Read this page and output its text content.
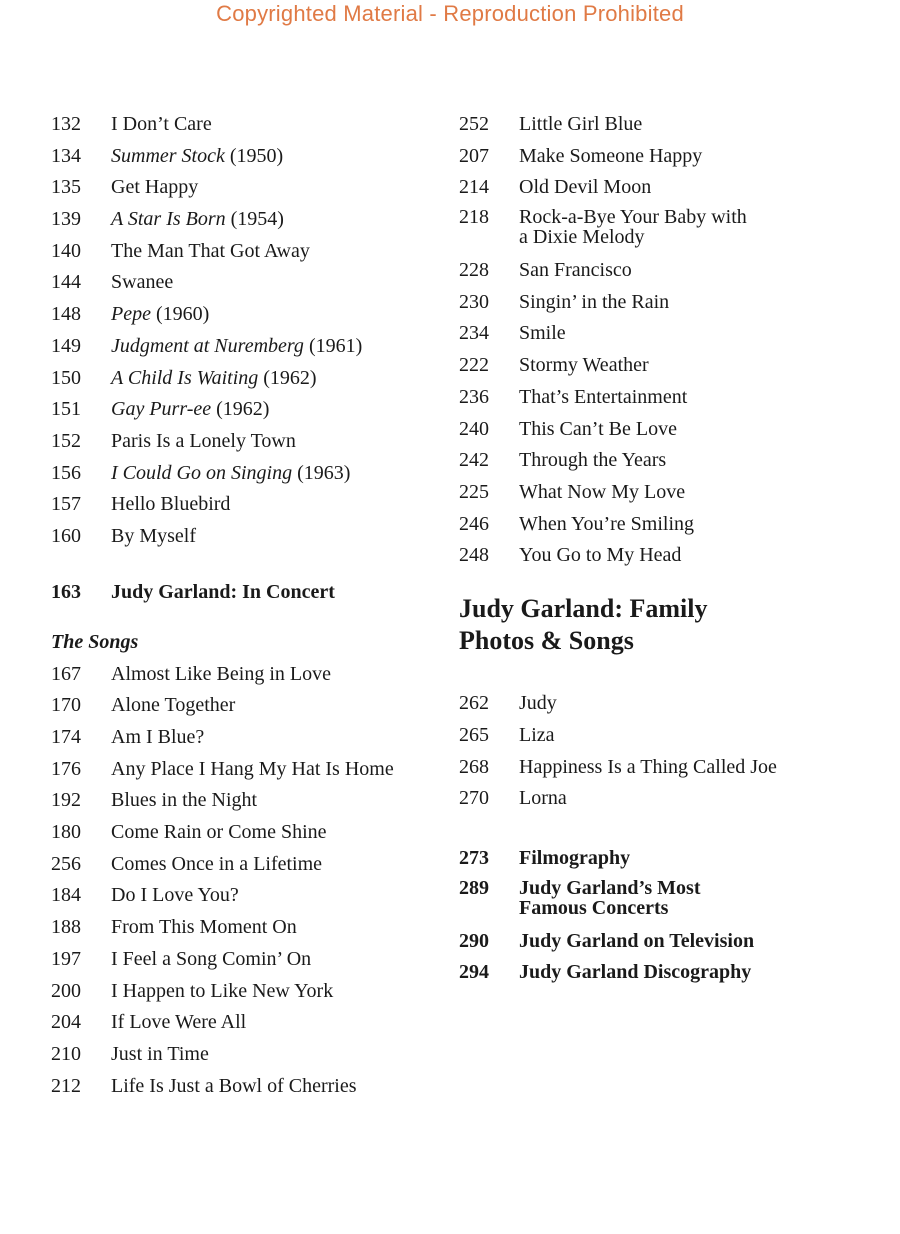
Copyrighted Material - Reproduction Prohibited
132	I Don’t Care
134	Summer Stock (1950)
135	Get Happy
139	A Star Is Born (1954)
140	The Man That Got Away
144	Swanee
148	Pepe (1960)
149	Judgment at Nuremberg (1961)
150	A Child Is Waiting (1962)
151	Gay Purr-ee (1962)
152	Paris Is a Lonely Town
156	I Could Go on Singing (1963)
157	Hello Bluebird
160	By Myself
163	Judy Garland: In Concert
The Songs
167	Almost Like Being in Love
170	Alone Together
174	Am I Blue?
176	Any Place I Hang My Hat Is Home
192	Blues in the Night
180	Come Rain or Come Shine
256	Comes Once in a Lifetime
184	Do I Love You?
188	From This Moment On
197	I Feel a Song Comin’ On
200	I Happen to Like New York
204	If Love Were All
210	Just in Time
212	Life Is Just a Bowl of Cherries
252	Little Girl Blue
207	Make Someone Happy
214	Old Devil Moon
218	Rock-a-Bye Your Baby with
a Dixie Melody
228	San Francisco
230	Singin’ in the Rain
234	Smile
222	Stormy Weather
236	That’s Entertainment
240	This Can’t Be Love
242	Through the Years
225	What Now My Love
246	When You’re Smiling
248	You Go to My Head
Judy Garland: Family
Photos & Songs
262	Judy
265	Liza
268	Happiness Is a Thing Called Joe
270	Lorna
273	Filmography
289	Judy Garland’s Most
Famous Concerts
290	Judy Garland on Television
294	Judy Garland Discography
